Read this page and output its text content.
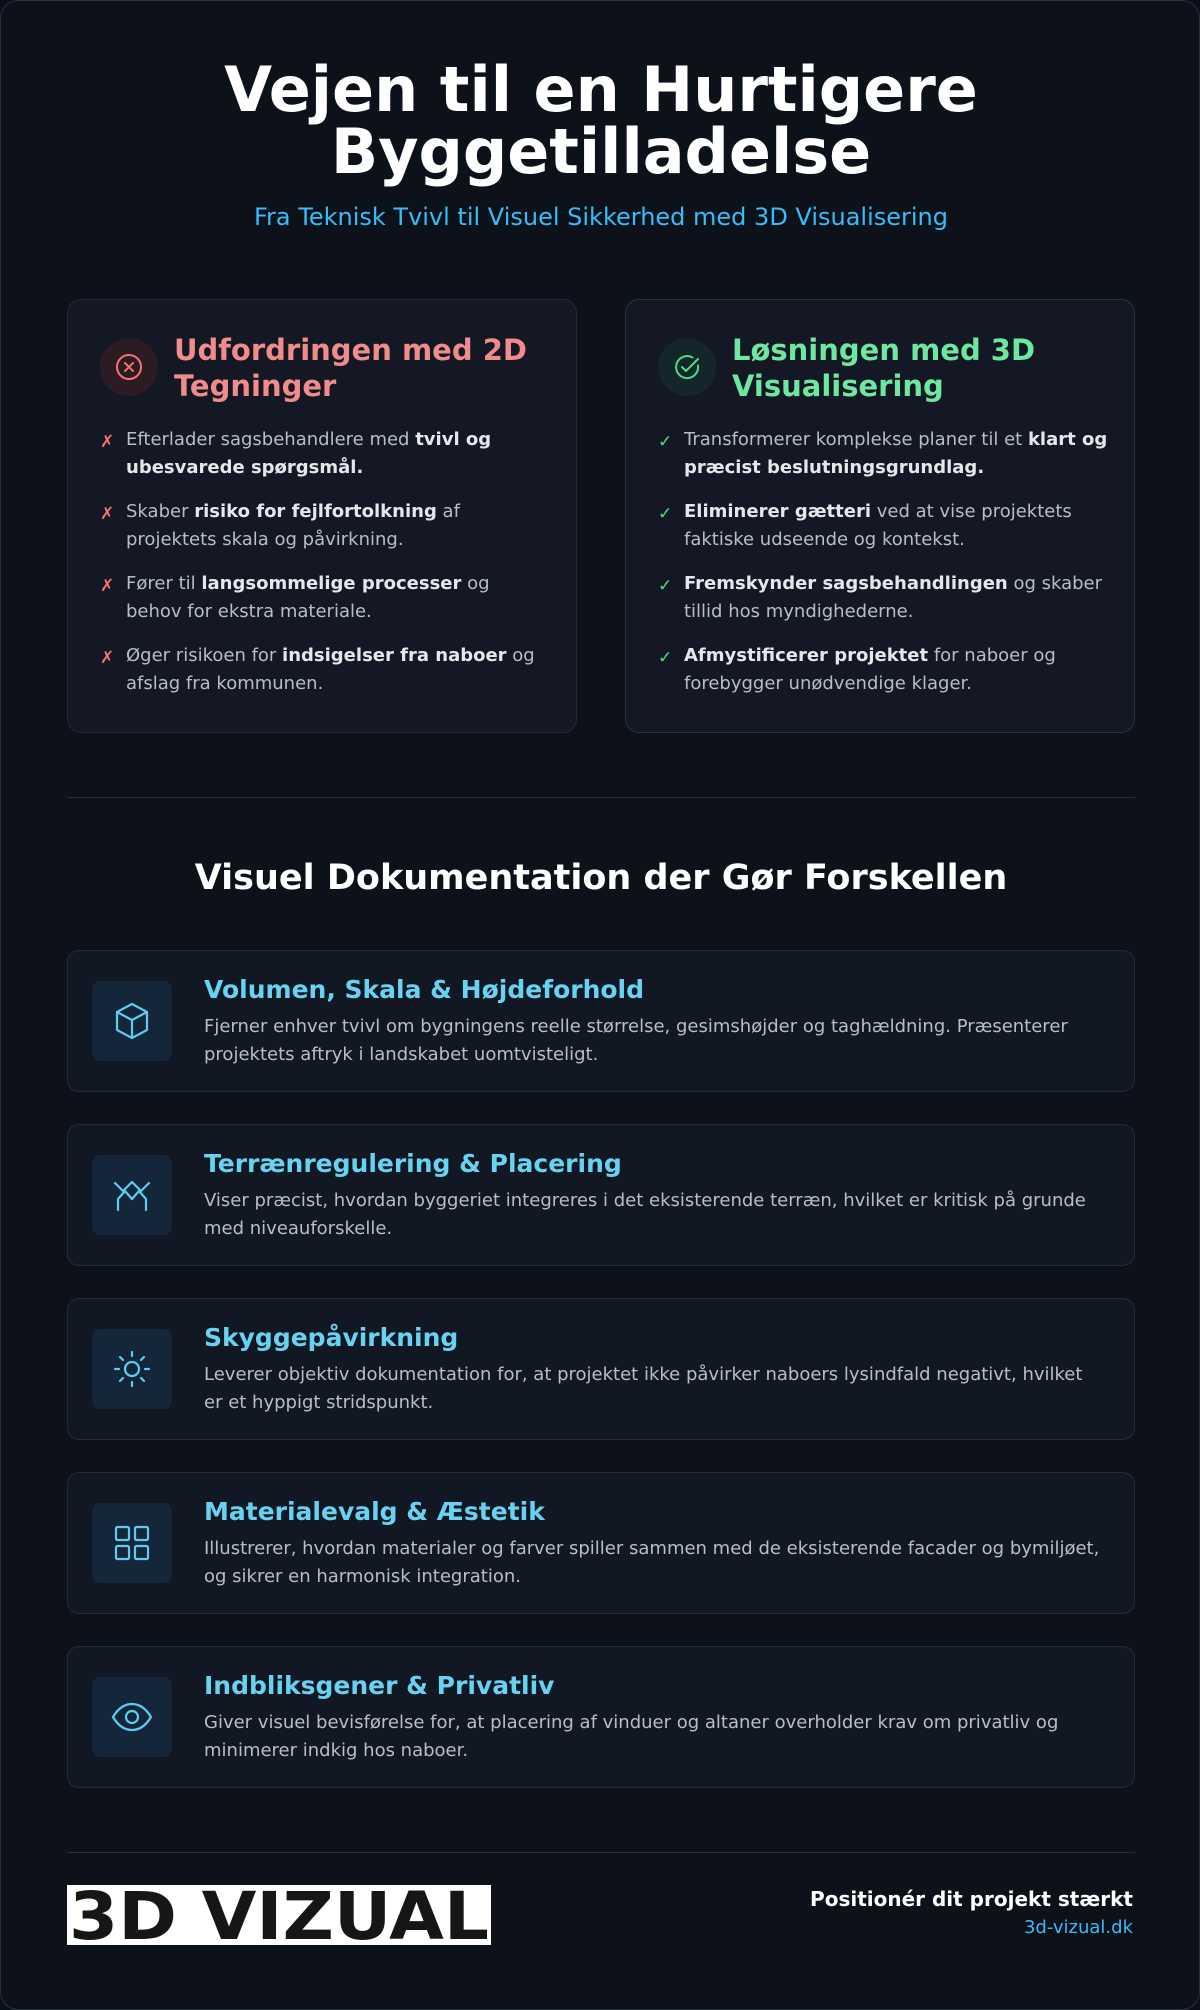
Vejen til en Hurtigere
Byggetilladelse
Fra Teknisk Tvivl til Visuel Sikkerhed med 3D Visualisering
Udfordringen med 2D
Tegninger
✗ Efterlader sagsbehandlere med tvivl og ubesvarede spørgsmål.
✗ Skaber risiko for fejlfortolkning af projektets skala og påvirkning.
✗ Fører til langsommelige processer og behov for ekstra materiale.
✗ Øger risikoen for indsigelser fra naboer og afslag fra kommunen.
Løsningen med 3D
Visualisering
✓ Transformerer komplekse planer til et klart og præcist beslutningsgrundlag.
✓ Eliminerer gætteri ved at vise projektets faktiske udseende og kontekst.
✓ Fremskynder sagsbehandlingen og skaber tillid hos myndighederne.
✓ Afmystificerer projektet for naboer og forebygger unødvendige klager.
Visuel Dokumentation der Gør Forskellen
Volumen, Skala & Højdeforhold
Fjerner enhver tvivl om bygningens reelle størrelse, gesimshøjder og taghældning. Præsenterer projektets aftryk i landskabet uomtvisteligt.
Terrænregulering & Placering
Viser præcist, hvordan byggeriet integreres i det eksisterende terræn, hvilket er kritisk på grunde med niveauforskelle.
Skyggepåvirkning
Leverer objektiv dokumentation for, at projektet ikke påvirker naboers lysindfald negativt, hvilket er et hyppigt stridspunkt.
Materialevalg & Æstetik
Illustrerer, hvordan materialer og farver spiller sammen med de eksisterende facader og bymiljøet, og sikrer en harmonisk integration.
Indbliksgener & Privatliv
Giver visuel bevisførelse for, at placering af vinduer og altaner overholder krav om privatliv og minimerer indkig hos naboer.
3D VIZUAL	Positionér dit projekt stærkt
3d-vizual.dk
